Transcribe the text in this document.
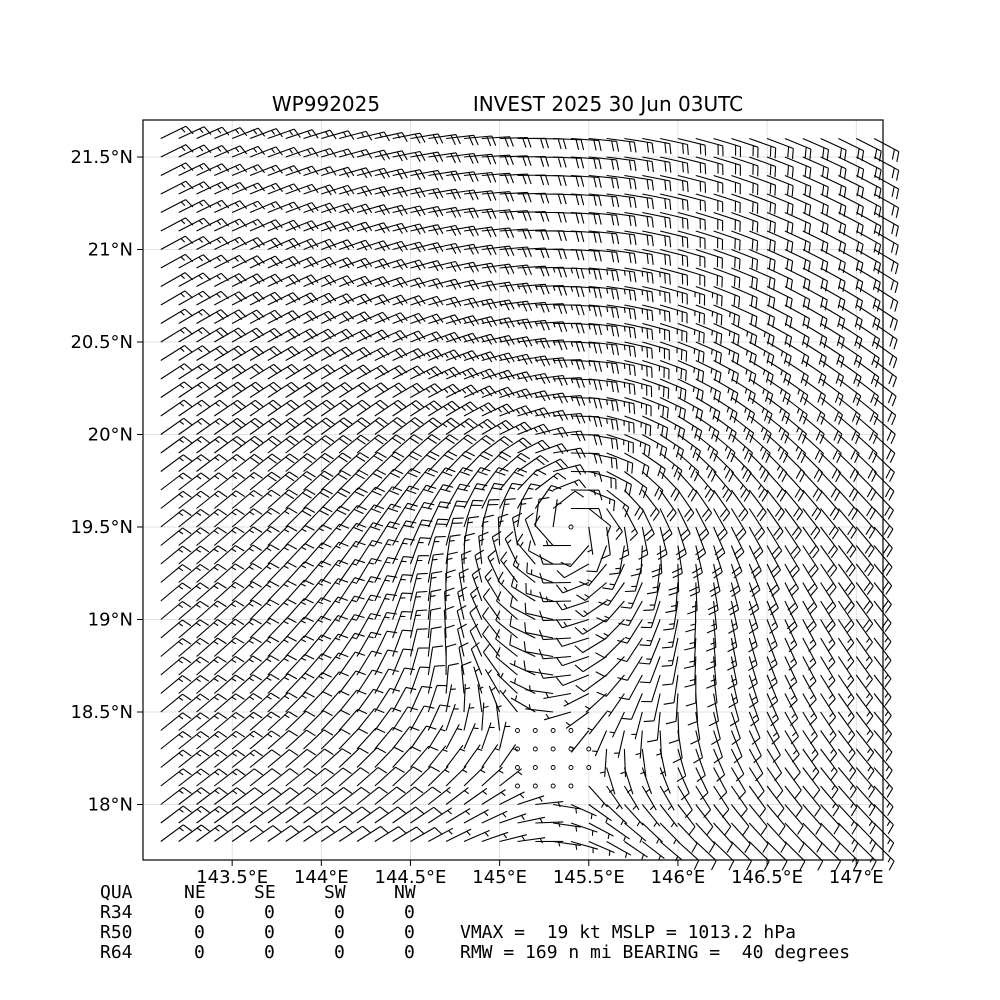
WP992025	INVEST 2025 30 Jun 03UTC
143.5°E 144°E 144.5°E 145°E 145.5°E 146°E 146.5°E 147°E
18°N
18.5°N
19°N
19.5°N
20°N
21°N
20.5°N
21.5°N
QUA	NE	SE	SW	NW
R34	0	0	0	0
R50	0	0	0	0
R64	0	0	0	0
VMAX =  19 kt MSLP = 1013.2 hPa
RMW = 169 n mi BEARING =  40 degrees
